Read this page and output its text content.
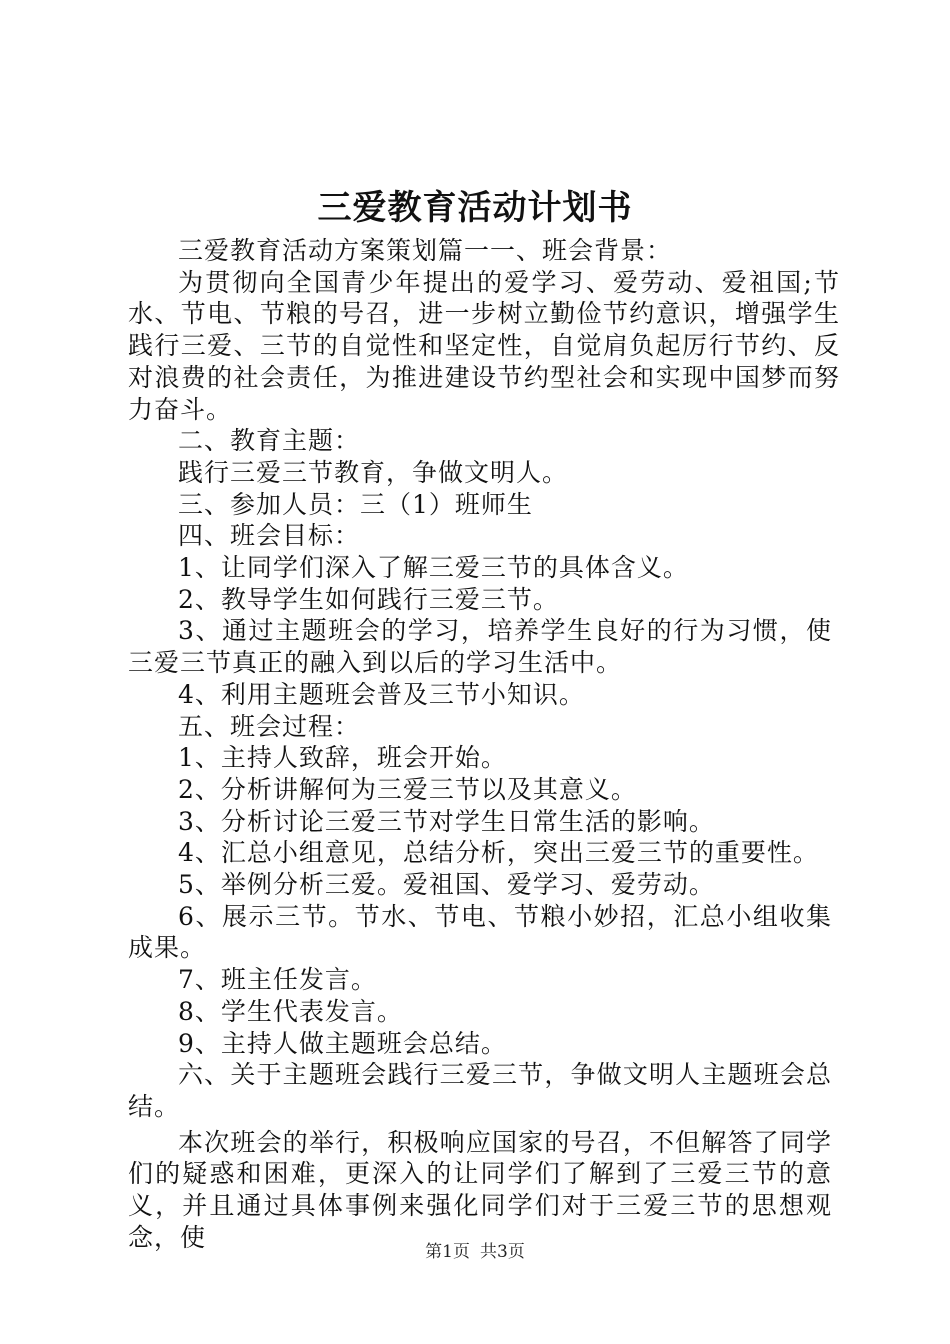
三爱教育活动计划书

三爱教育活动方案策划篇一一、班会背景：

为贯彻向全国青少年提出的爱学习、爱劳动、爱祖国;节水、节电、节粮的号召，进一步树立勤俭节约意识，增强学生践行三爱、三节的自觉性和坚定性，自觉肩负起厉行节约、反对浪费的社会责任，为推进建设节约型社会和实现中国梦而努力奋斗。

二、教育主题：

践行三爱三节教育，争做文明人。

三、参加人员：三（1）班师生

四、班会目标：

1、让同学们深入了解三爱三节的具体含义。

2、教导学生如何践行三爱三节。

3、通过主题班会的学习，培养学生良好的行为习惯，使三爱三节真正的融入到以后的学习生活中。

4、利用主题班会普及三节小知识。

五、班会过程：

1、主持人致辞，班会开始。

2、分析讲解何为三爱三节以及其意义。

3、分析讨论三爱三节对学生日常生活的影响。

4、汇总小组意见，总结分析，突出三爱三节的重要性。

5、举例分析三爱。爱祖国、爱学习、爱劳动。

6、展示三节。节水、节电、节粮小妙招，汇总小组收集成果。

7、班主任发言。

8、学生代表发言。

9、主持人做主题班会总结。

六、关于主题班会践行三爱三节，争做文明人主题班会总结。

本次班会的举行，积极响应国家的号召，不但解答了同学们的疑惑和困难，更深入的让同学们了解到了三爱三节的意义，并且通过具体事例来强化同学们对于三爱三节的思想观念，使

第1页 共3页
